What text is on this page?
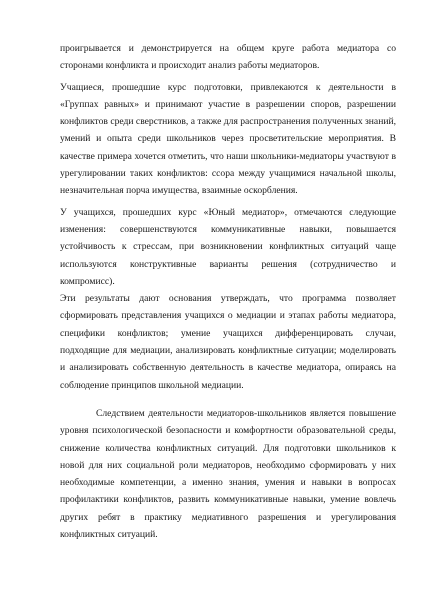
проигрывается и демонстрируется на общем круге работа медиатора со сторонами конфликта и происходит анализ работы медиаторов.

Учащиеся, прошедшие курс подготовки, привлекаются к деятельности в «Группах равных» и принимают участие в разрешении споров, разрешении конфликтов среди сверстников, а также для распространения полученных знаний, умений и опыта среди школьников через просветительские мероприятия. В качестве примера хочется отметить, что наши школьники-медиаторы участвуют в урегулировании таких конфликтов: ссора между учащимися начальной школы, незначительная порча имущества, взаимные оскорбления.

У учащихся, прошедших курс «Юный медиатор», отмечаются следующие изменения: совершенствуются коммуникативные навыки, повышается устойчивость к стрессам, при возникновении конфликтных ситуаций чаще используются конструктивные варианты решения (сотрудничество и компромисс).

Эти результаты дают основания утверждать, что программа позволяет сформировать представления учащихся о медиации и этапах работы медиатора, специфики конфликтов; умение учащихся дифференцировать случаи, подходящие для медиации, анализировать конфликтные ситуации; моделировать и анализировать собственную деятельность в качестве медиатора, опираясь на соблюдение принципов школьной медиации.

Следствием деятельности медиаторов-школьников является повышение уровня психологической безопасности и комфортности образовательной среды, снижение количества конфликтных ситуаций. Для подготовки школьников к новой для них социальной роли медиаторов, необходимо сформировать у них необходимые компетенции, а именно знания, умения и навыки в вопросах профилактики конфликтов, развить коммуникативные навыки, умение вовлечь других ребят в практику медиативного разрешения и урегулирования конфликтных ситуаций.
